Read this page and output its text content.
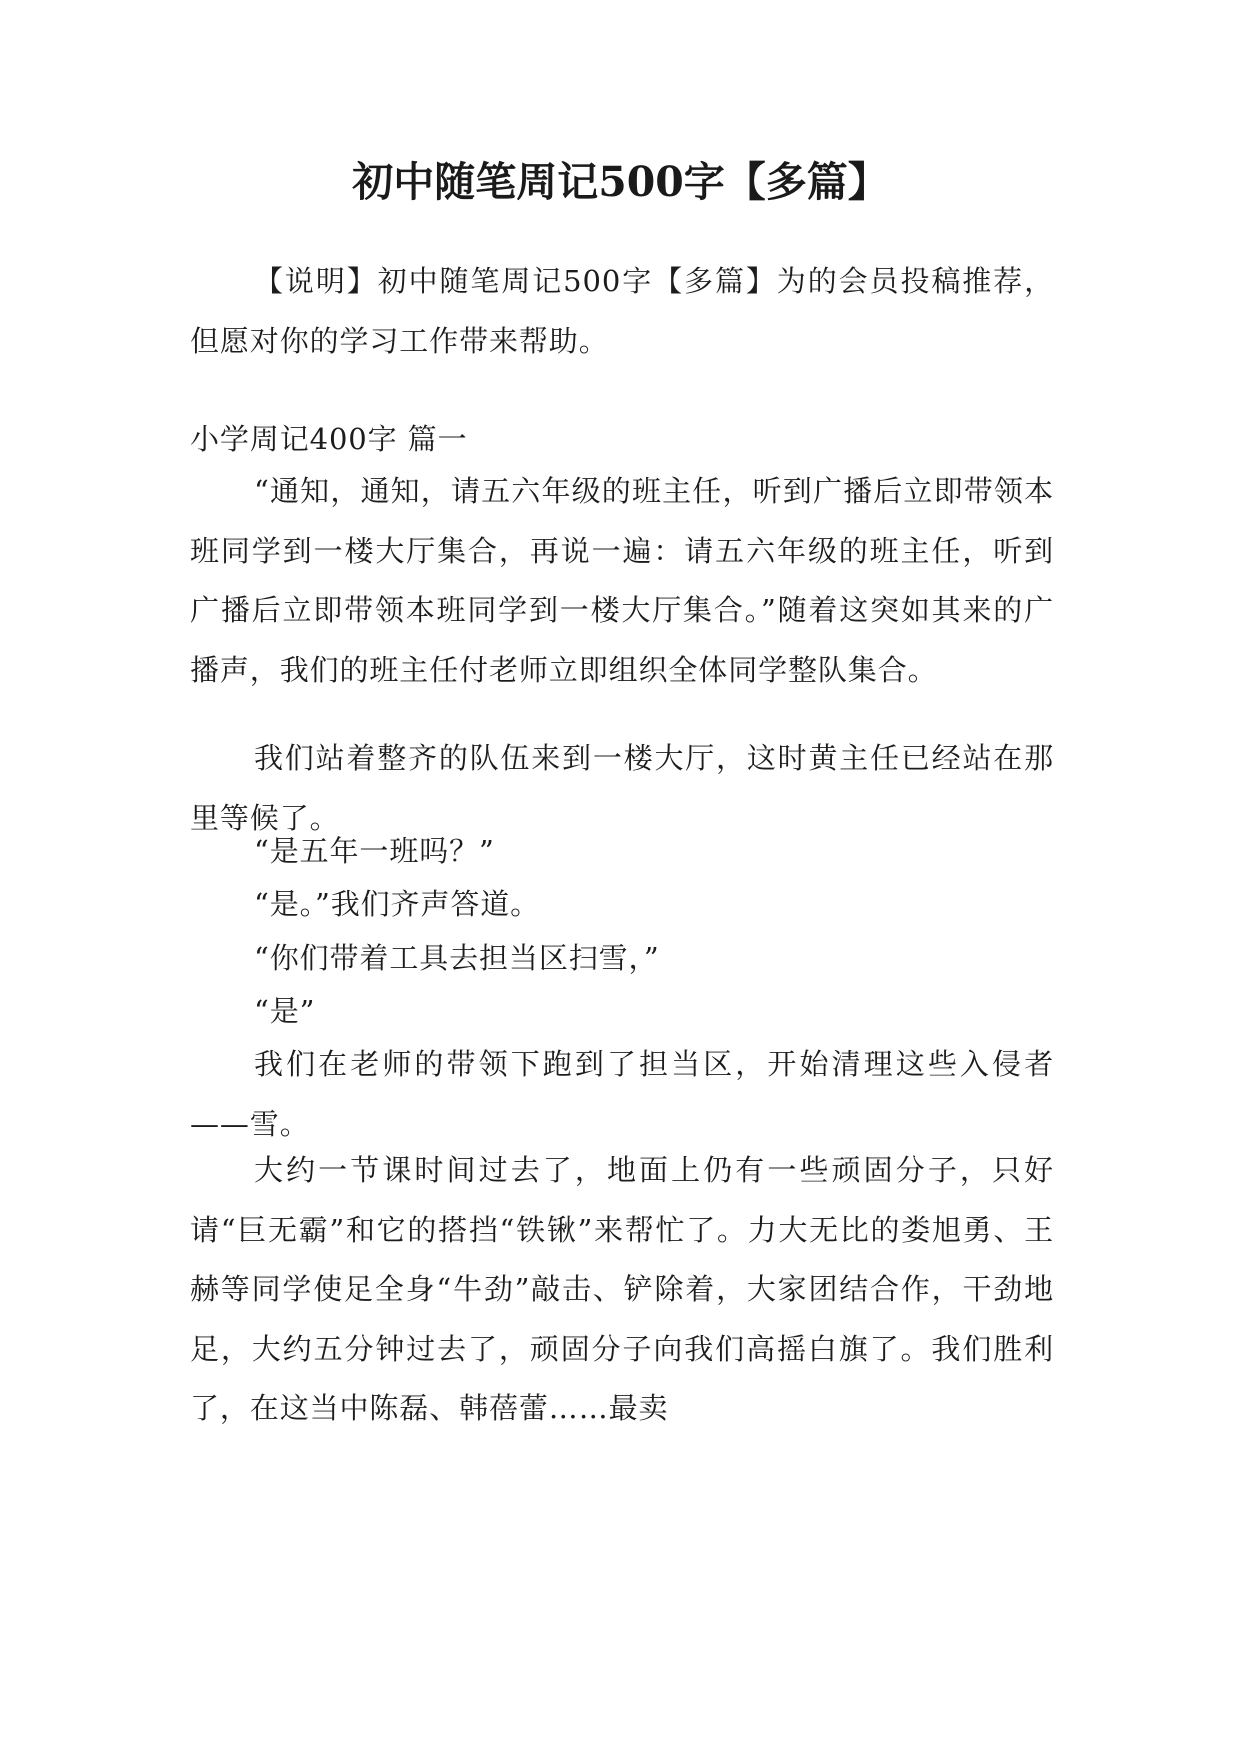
初中随笔周记500字【多篇】

【说明】初中随笔周记500字【多篇】为的会员投稿推荐，但愿对你的学习工作带来帮助。

小学周记400字 篇一

“通知，通知，请五六年级的班主任，听到广播后立即带领本班同学到一楼大厅集合，再说一遍：请五六年级的班主任，听到广播后立即带领本班同学到一楼大厅集合。”随着这突如其来的广播声，我们的班主任付老师立即组织全体同学整队集合。

我们站着整齐的队伍来到一楼大厅，这时黄主任已经站在那里等候了。

“是五年一班吗？”

“是。”我们齐声答道。

“你们带着工具去担当区扫雪，”

“是”

我们在老师的带领下跑到了担当区，开始清理这些入侵者——雪。

大约一节课时间过去了，地面上仍有一些顽固分子，只好请“巨无霸”和它的搭挡“铁锹”来帮忙了。力大无比的娄旭勇、王赫等同学使足全身“牛劲”敲击、铲除着，大家团结合作，干劲地足，大约五分钟过去了，顽固分子向我们高摇白旗了。我们胜利了，在这当中陈磊、韩蓓蕾……最卖
